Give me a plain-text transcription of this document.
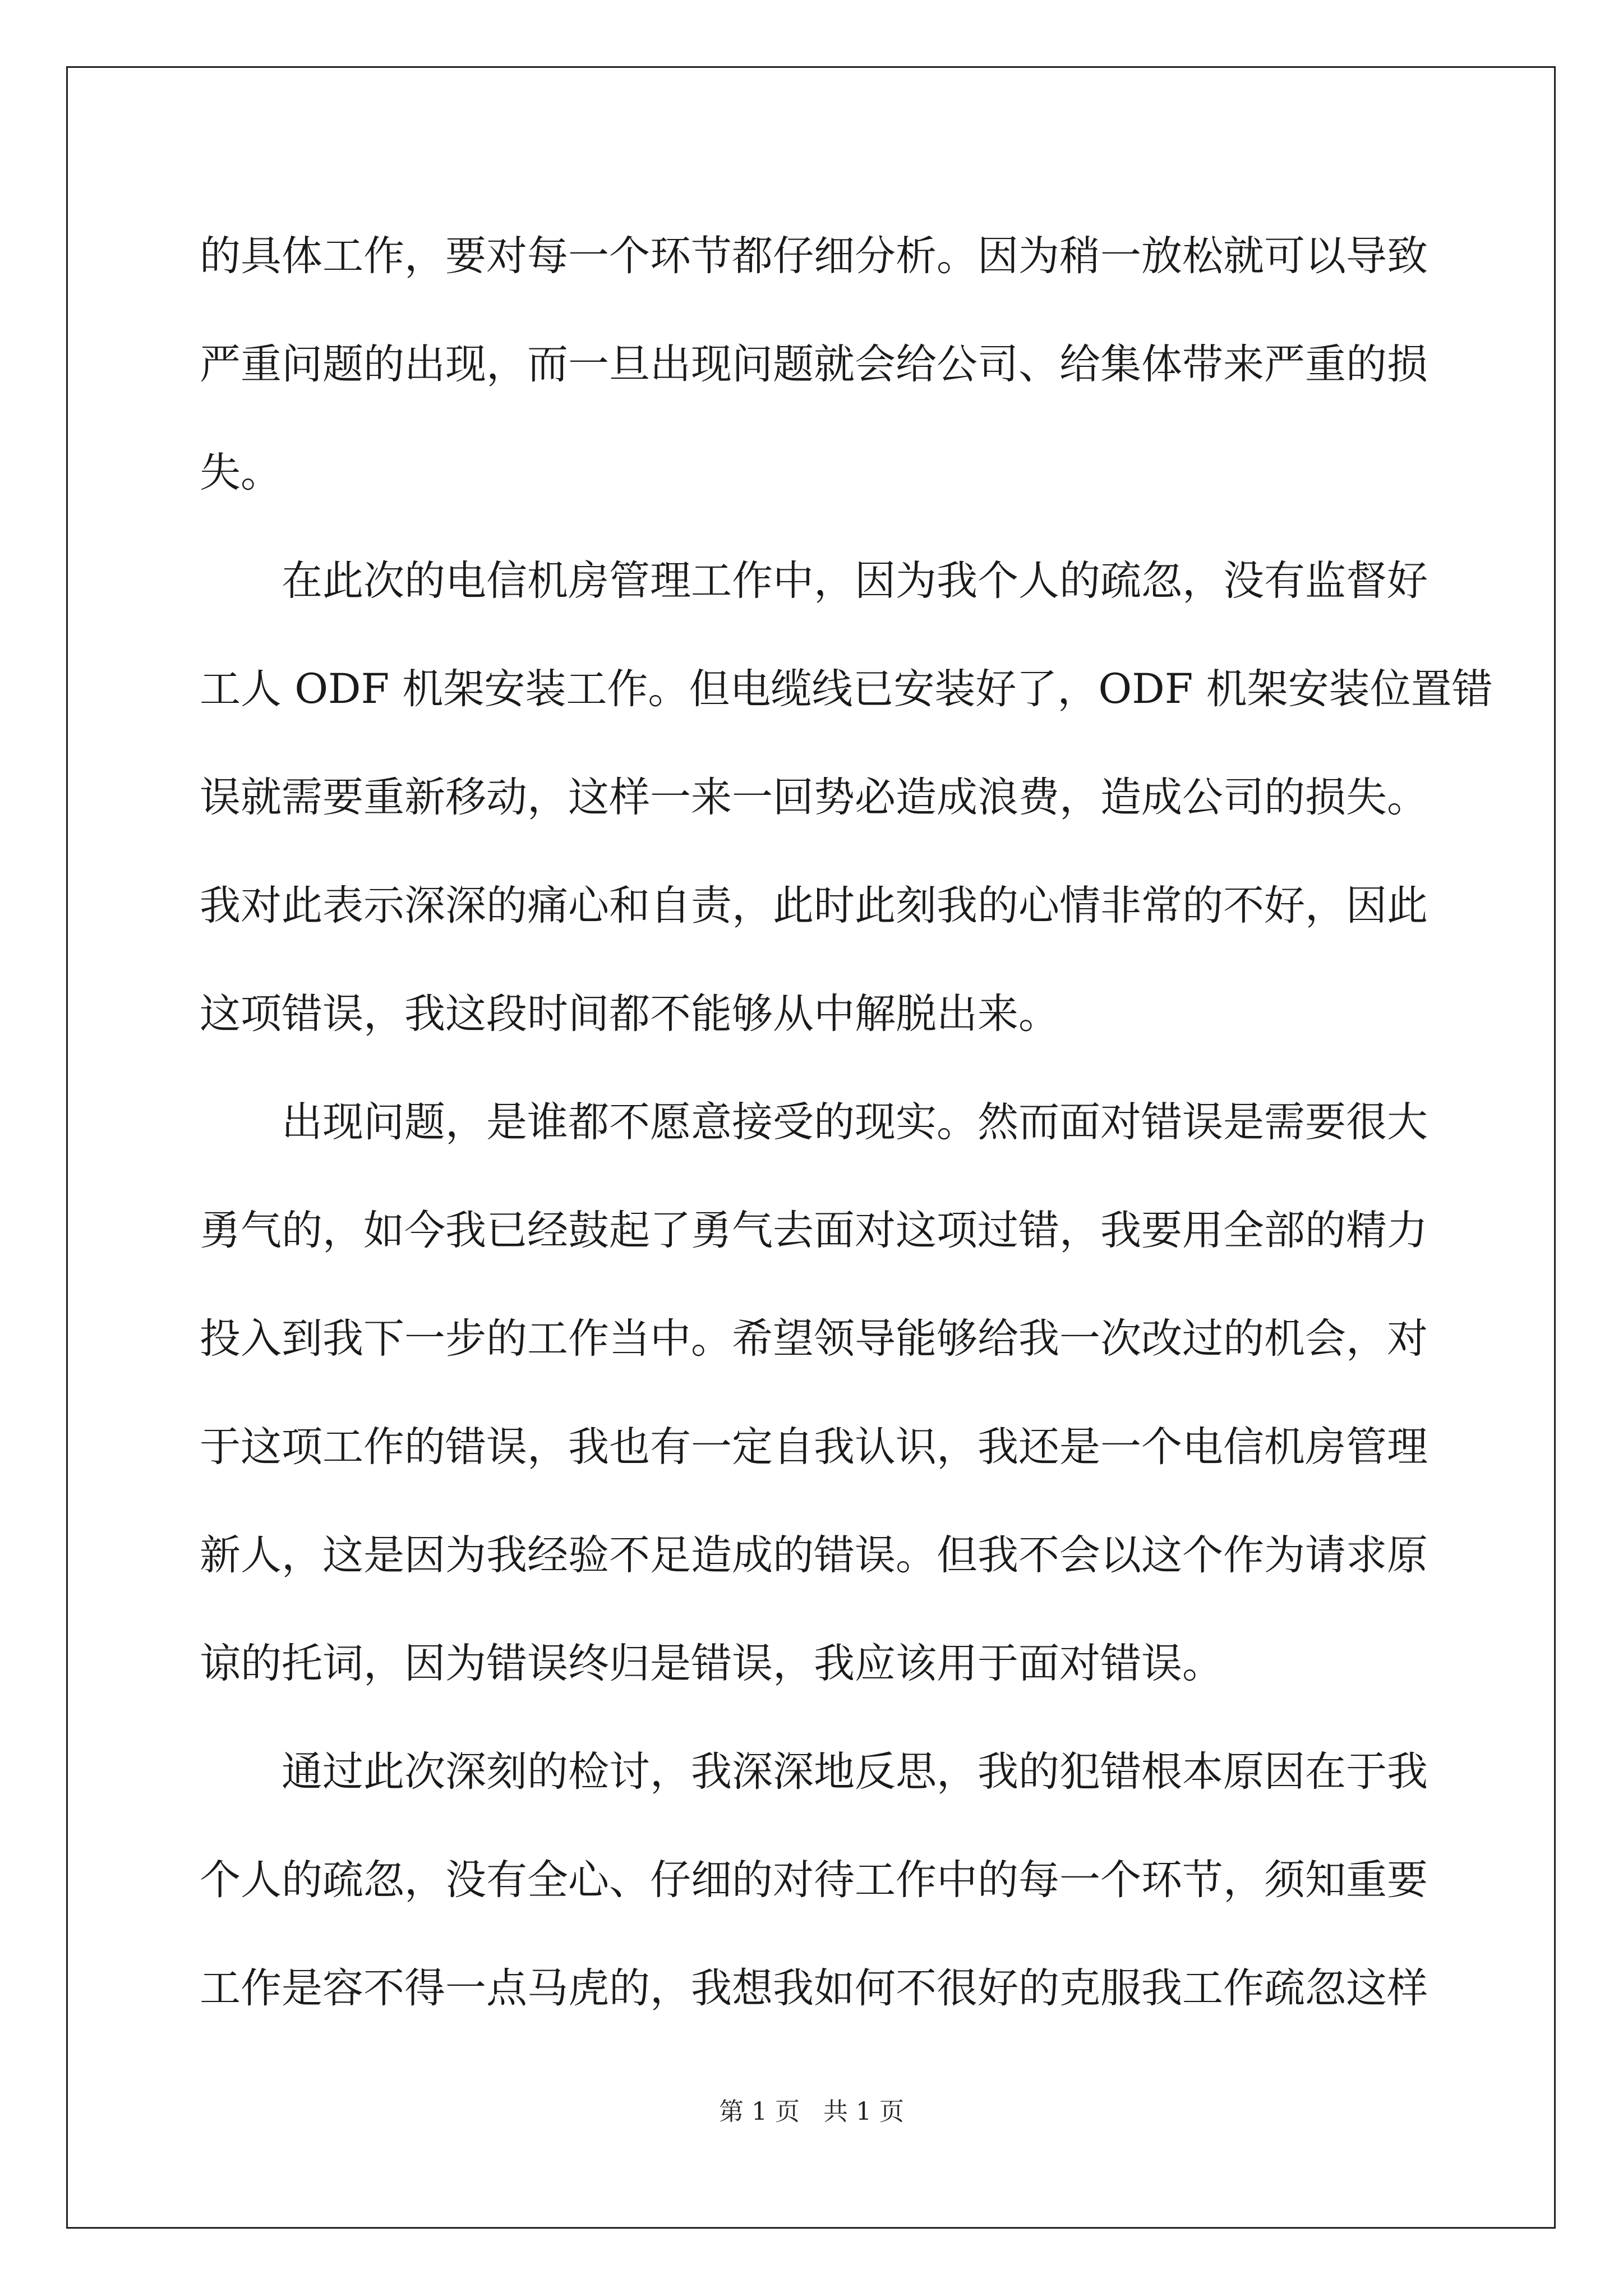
的具体工作，要对每一个环节都仔细分析。因为稍一放松就可以导致
严重问题的出现，而一旦出现问题就会给公司、给集体带来严重的损
失。
在此次的电信机房管理工作中，因为我个人的疏忽，没有监督好
工人 ODF 机架安装工作。但电缆线已安装好了，ODF 机架安装位置错
误就需要重新移动，这样一来一回势必造成浪费，造成公司的损失。
我对此表示深深的痛心和自责，此时此刻我的心情非常的不好，因此
这项错误，我这段时间都不能够从中解脱出来。
出现问题，是谁都不愿意接受的现实。然而面对错误是需要很大
勇气的，如今我已经鼓起了勇气去面对这项过错，我要用全部的精力
投入到我下一步的工作当中。希望领导能够给我一次改过的机会，对
于这项工作的错误，我也有一定自我认识，我还是一个电信机房管理
新人，这是因为我经验不足造成的错误。但我不会以这个作为请求原
谅的托词，因为错误终归是错误，我应该用于面对错误。
通过此次深刻的检讨，我深深地反思，我的犯错根本原因在于我
个人的疏忽，没有全心、仔细的对待工作中的每一个环节，须知重要
工作是容不得一点马虎的，我想我如何不很好的克服我工作疏忽这样
第 1 页 共 1 页
